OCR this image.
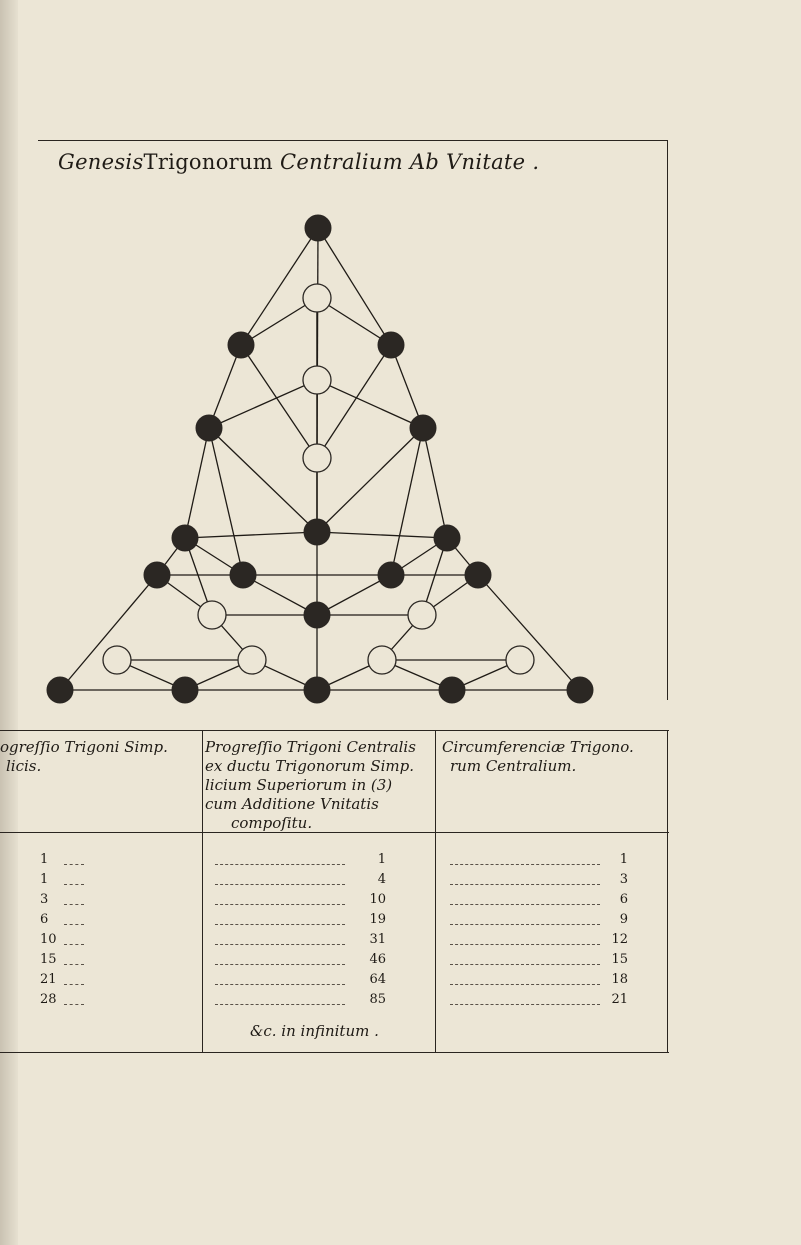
GenesisTrigonorum Centralium Ab Vnitate .
ogreſſio Trigoni Simp.
licis.
Progreſſio Trigoni Centralis
ex ductu Trigonorum Simp.
licium Superiorum in (3)
cum Additione Vnitatis
compoſitu.
Circumferenciæ Trigono.
rum Centralium.
1	1	1
1	4	3
3	10	6
6	19	9
10	31	12
15	46	15
21	64	18
28	85	21
&c. in infinitum .
